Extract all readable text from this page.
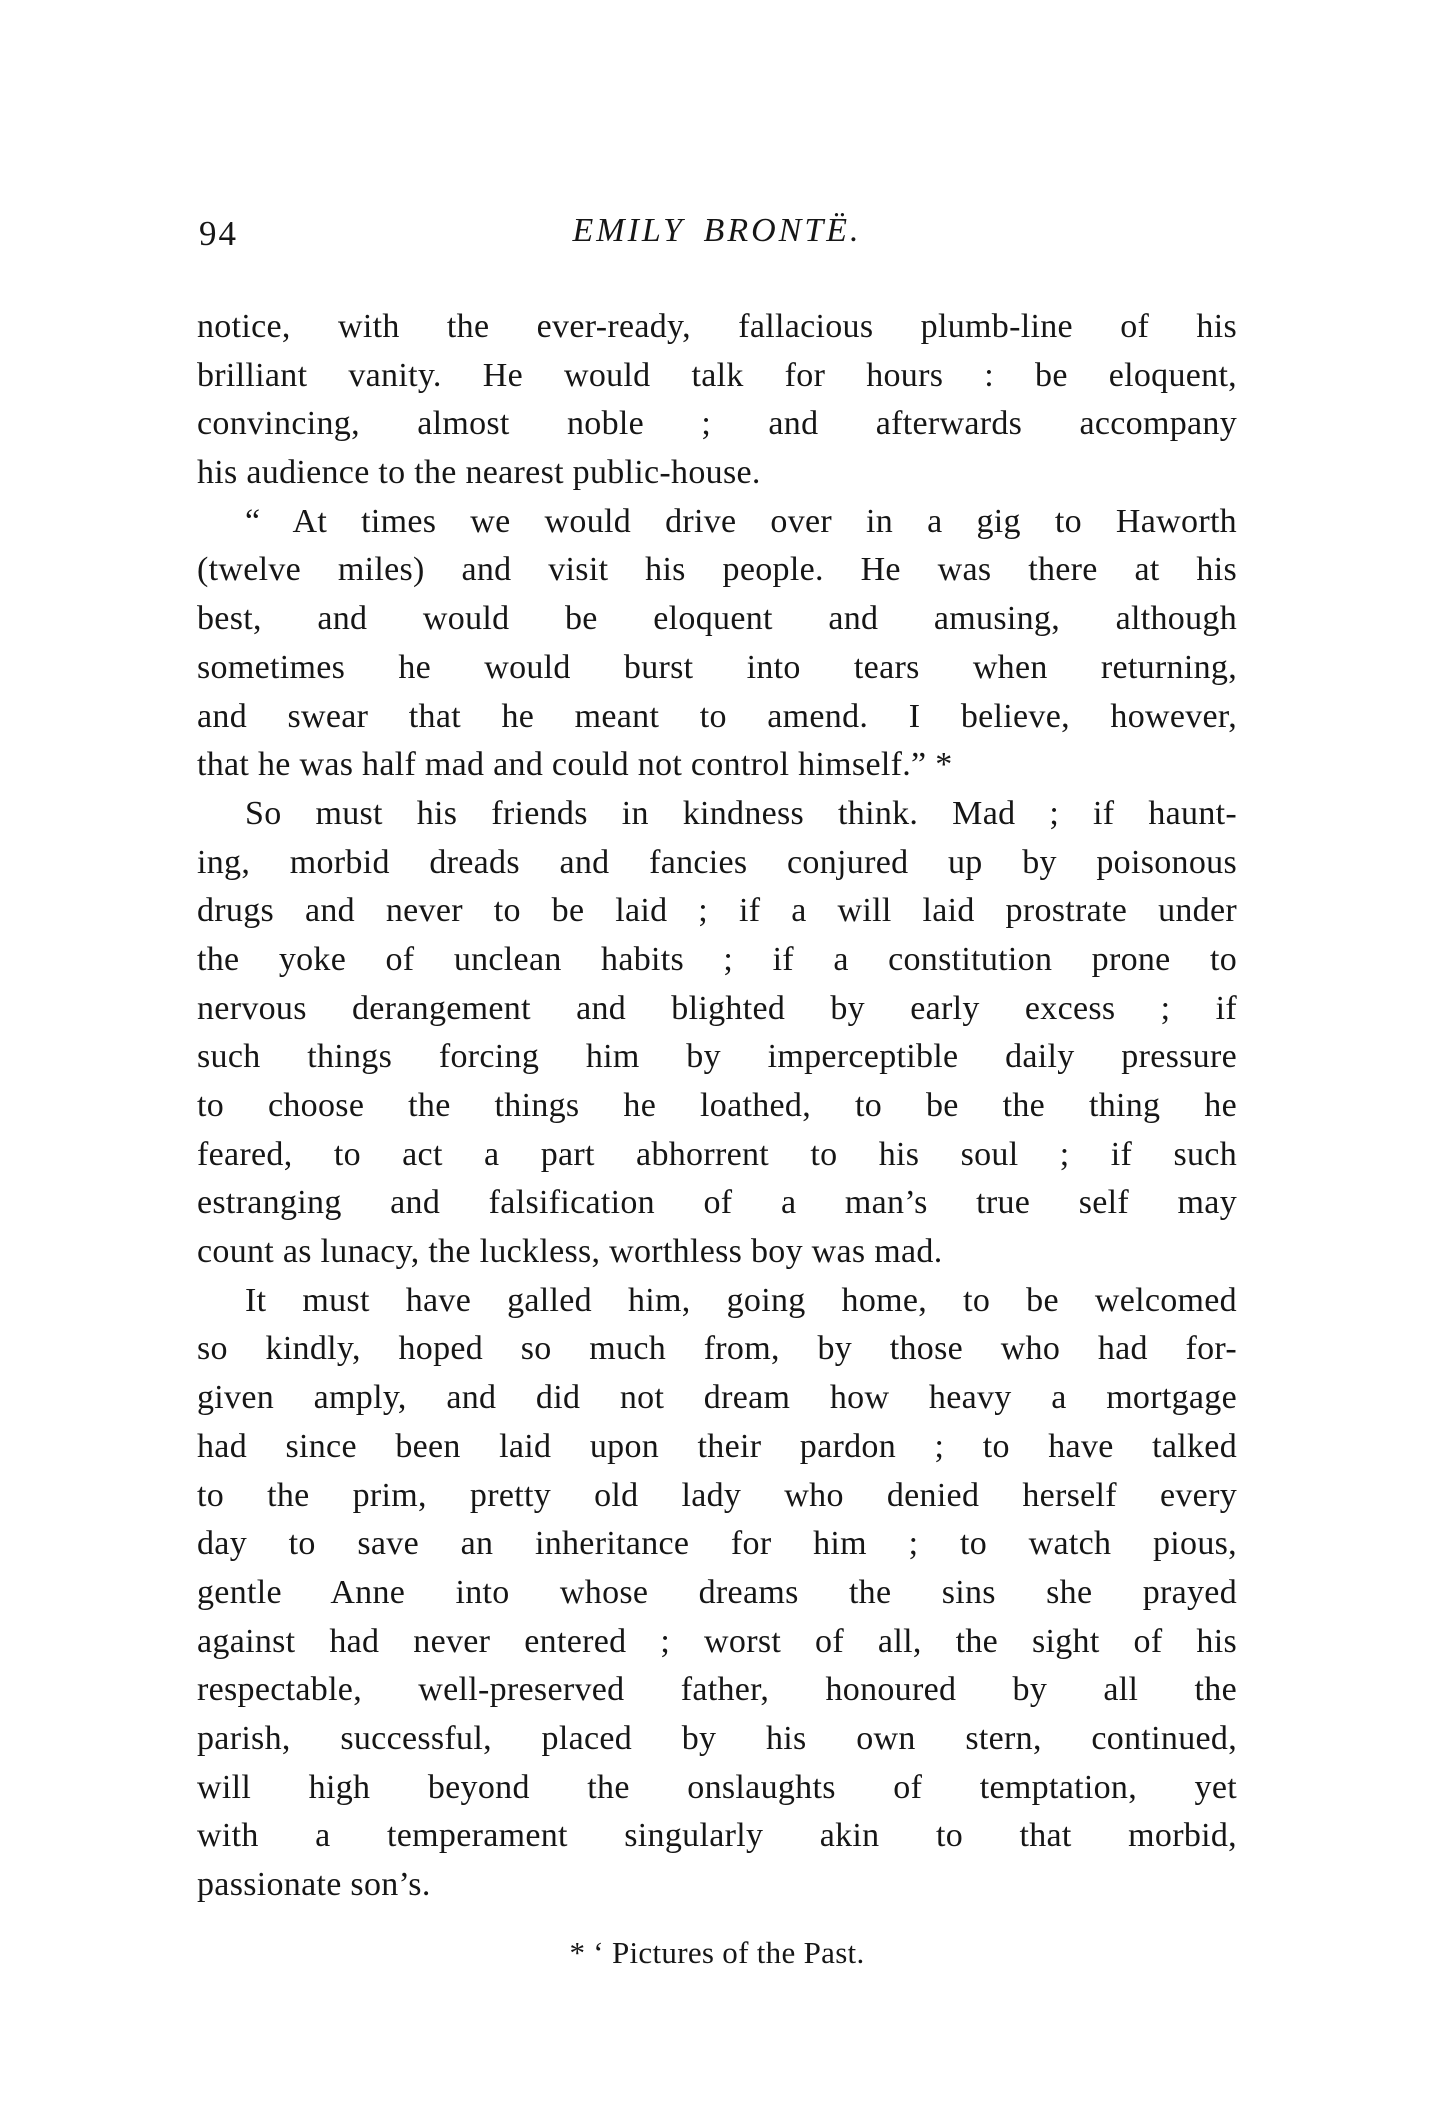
94	EMILY BRONTË.
notice, with the ever-ready, fallacious plumb-line of his
brilliant vanity. He would talk for hours : be eloquent,
convincing, almost noble ; and afterwards accompany
his audience to the nearest public-house.
“ At times we would drive over in a gig to Haworth
(twelve miles) and visit his people. He was there at his
best, and would be eloquent and amusing, although
sometimes he would burst into tears when returning,
and swear that he meant to amend. I believe, however,
that he was half mad and could not control himself.” *
So must his friends in kindness think. Mad ; if haunt-
ing, morbid dreads and fancies conjured up by poisonous
drugs and never to be laid ; if a will laid prostrate under
the yoke of unclean habits ; if a constitution prone to
nervous derangement and blighted by early excess ; if
such things forcing him by imperceptible daily pressure
to choose the things he loathed, to be the thing he
feared, to act a part abhorrent to his soul ; if such
estranging and falsification of a man’s true self may
count as lunacy, the luckless, worthless boy was mad.
It must have galled him, going home, to be welcomed
so kindly, hoped so much from, by those who had for-
given amply, and did not dream how heavy a mortgage
had since been laid upon their pardon ; to have talked
to the prim, pretty old lady who denied herself every
day to save an inheritance for him ; to watch pious,
gentle Anne into whose dreams the sins she prayed
against had never entered ; worst of all, the sight of his
respectable, well-preserved father, honoured by all the
parish, successful, placed by his own stern, continued,
will high beyond the onslaughts of temptation, yet
with a temperament singularly akin to that morbid,
passionate son’s.
* ‘ Pictures of the Past.
